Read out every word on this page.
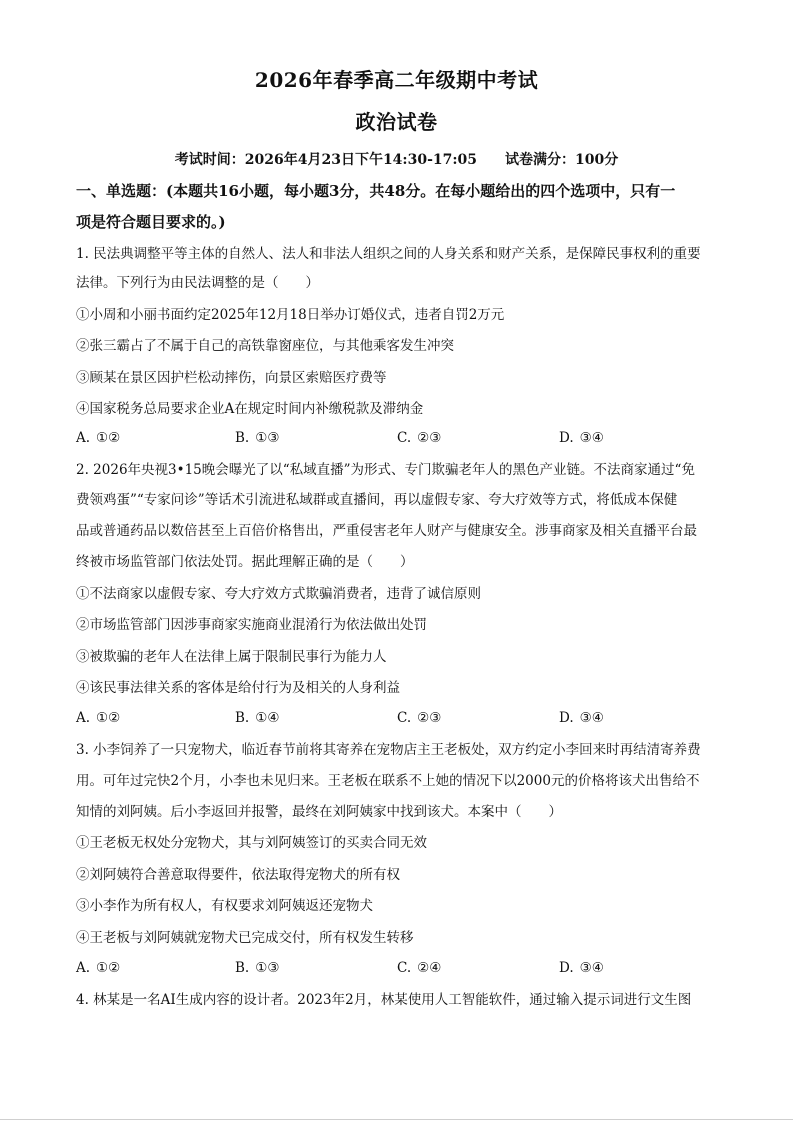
2026年春季高二年级期中考试
政治试卷
考试时间：2026年4月23日下午14:30-17:05 试卷满分：100分
一、单选题：(本题共16小题，每小题3分，共48分。在每小题给出的四个选项中，只有一
项是符合题目要求的。)
1. 民法典调整平等主体的自然人、法人和非法人组织之间的人身关系和财产关系，是保障民事权利的重要
法律。下列行为由民法调整的是（　　）
①小周和小丽书面约定2025年12月18日举办订婚仪式，违者自罚2万元
②张三霸占了不属于自己的高铁靠窗座位，与其他乘客发生冲突
③顾某在景区因护栏松动摔伤，向景区索赔医疗费等
④国家税务总局要求企业A在规定时间内补缴税款及滞纳金
A. ①②	B. ①③	C. ②③	D. ③④
2. 2026年央视3•15晚会曝光了以“私域直播”为形式、专门欺骗老年人的黑色产业链。不法商家通过“免
费领鸡蛋”“专家问诊”等话术引流进私域群或直播间，再以虚假专家、夸大疗效等方式，将低成本保健
品或普通药品以数倍甚至上百倍价格售出，严重侵害老年人财产与健康安全。涉事商家及相关直播平台最
终被市场监管部门依法处罚。据此理解正确的是（　　）
①不法商家以虚假专家、夸大疗效方式欺骗消费者，违背了诚信原则
②市场监管部门因涉事商家实施商业混淆行为依法做出处罚
③被欺骗的老年人在法律上属于限制民事行为能力人
④该民事法律关系的客体是给付行为及相关的人身利益
A. ①②	B. ①④	C. ②③	D. ③④
3. 小李饲养了一只宠物犬，临近春节前将其寄养在宠物店主王老板处，双方约定小李回来时再结清寄养费
用。可年过完快2个月，小李也未见归来。王老板在联系不上她的情况下以2000元的价格将该犬出售给不
知情的刘阿姨。后小李返回并报警，最终在刘阿姨家中找到该犬。本案中（　　）
①王老板无权处分宠物犬，其与刘阿姨签订的买卖合同无效
②刘阿姨符合善意取得要件，依法取得宠物犬的所有权
③小李作为所有权人，有权要求刘阿姨返还宠物犬
④王老板与刘阿姨就宠物犬已完成交付，所有权发生转移
A. ①②	B. ①③	C. ②④	D. ③④
4. 林某是一名AI生成内容的设计者。2023年2月，林某使用人工智能软件，通过输入提示词进行文生图
